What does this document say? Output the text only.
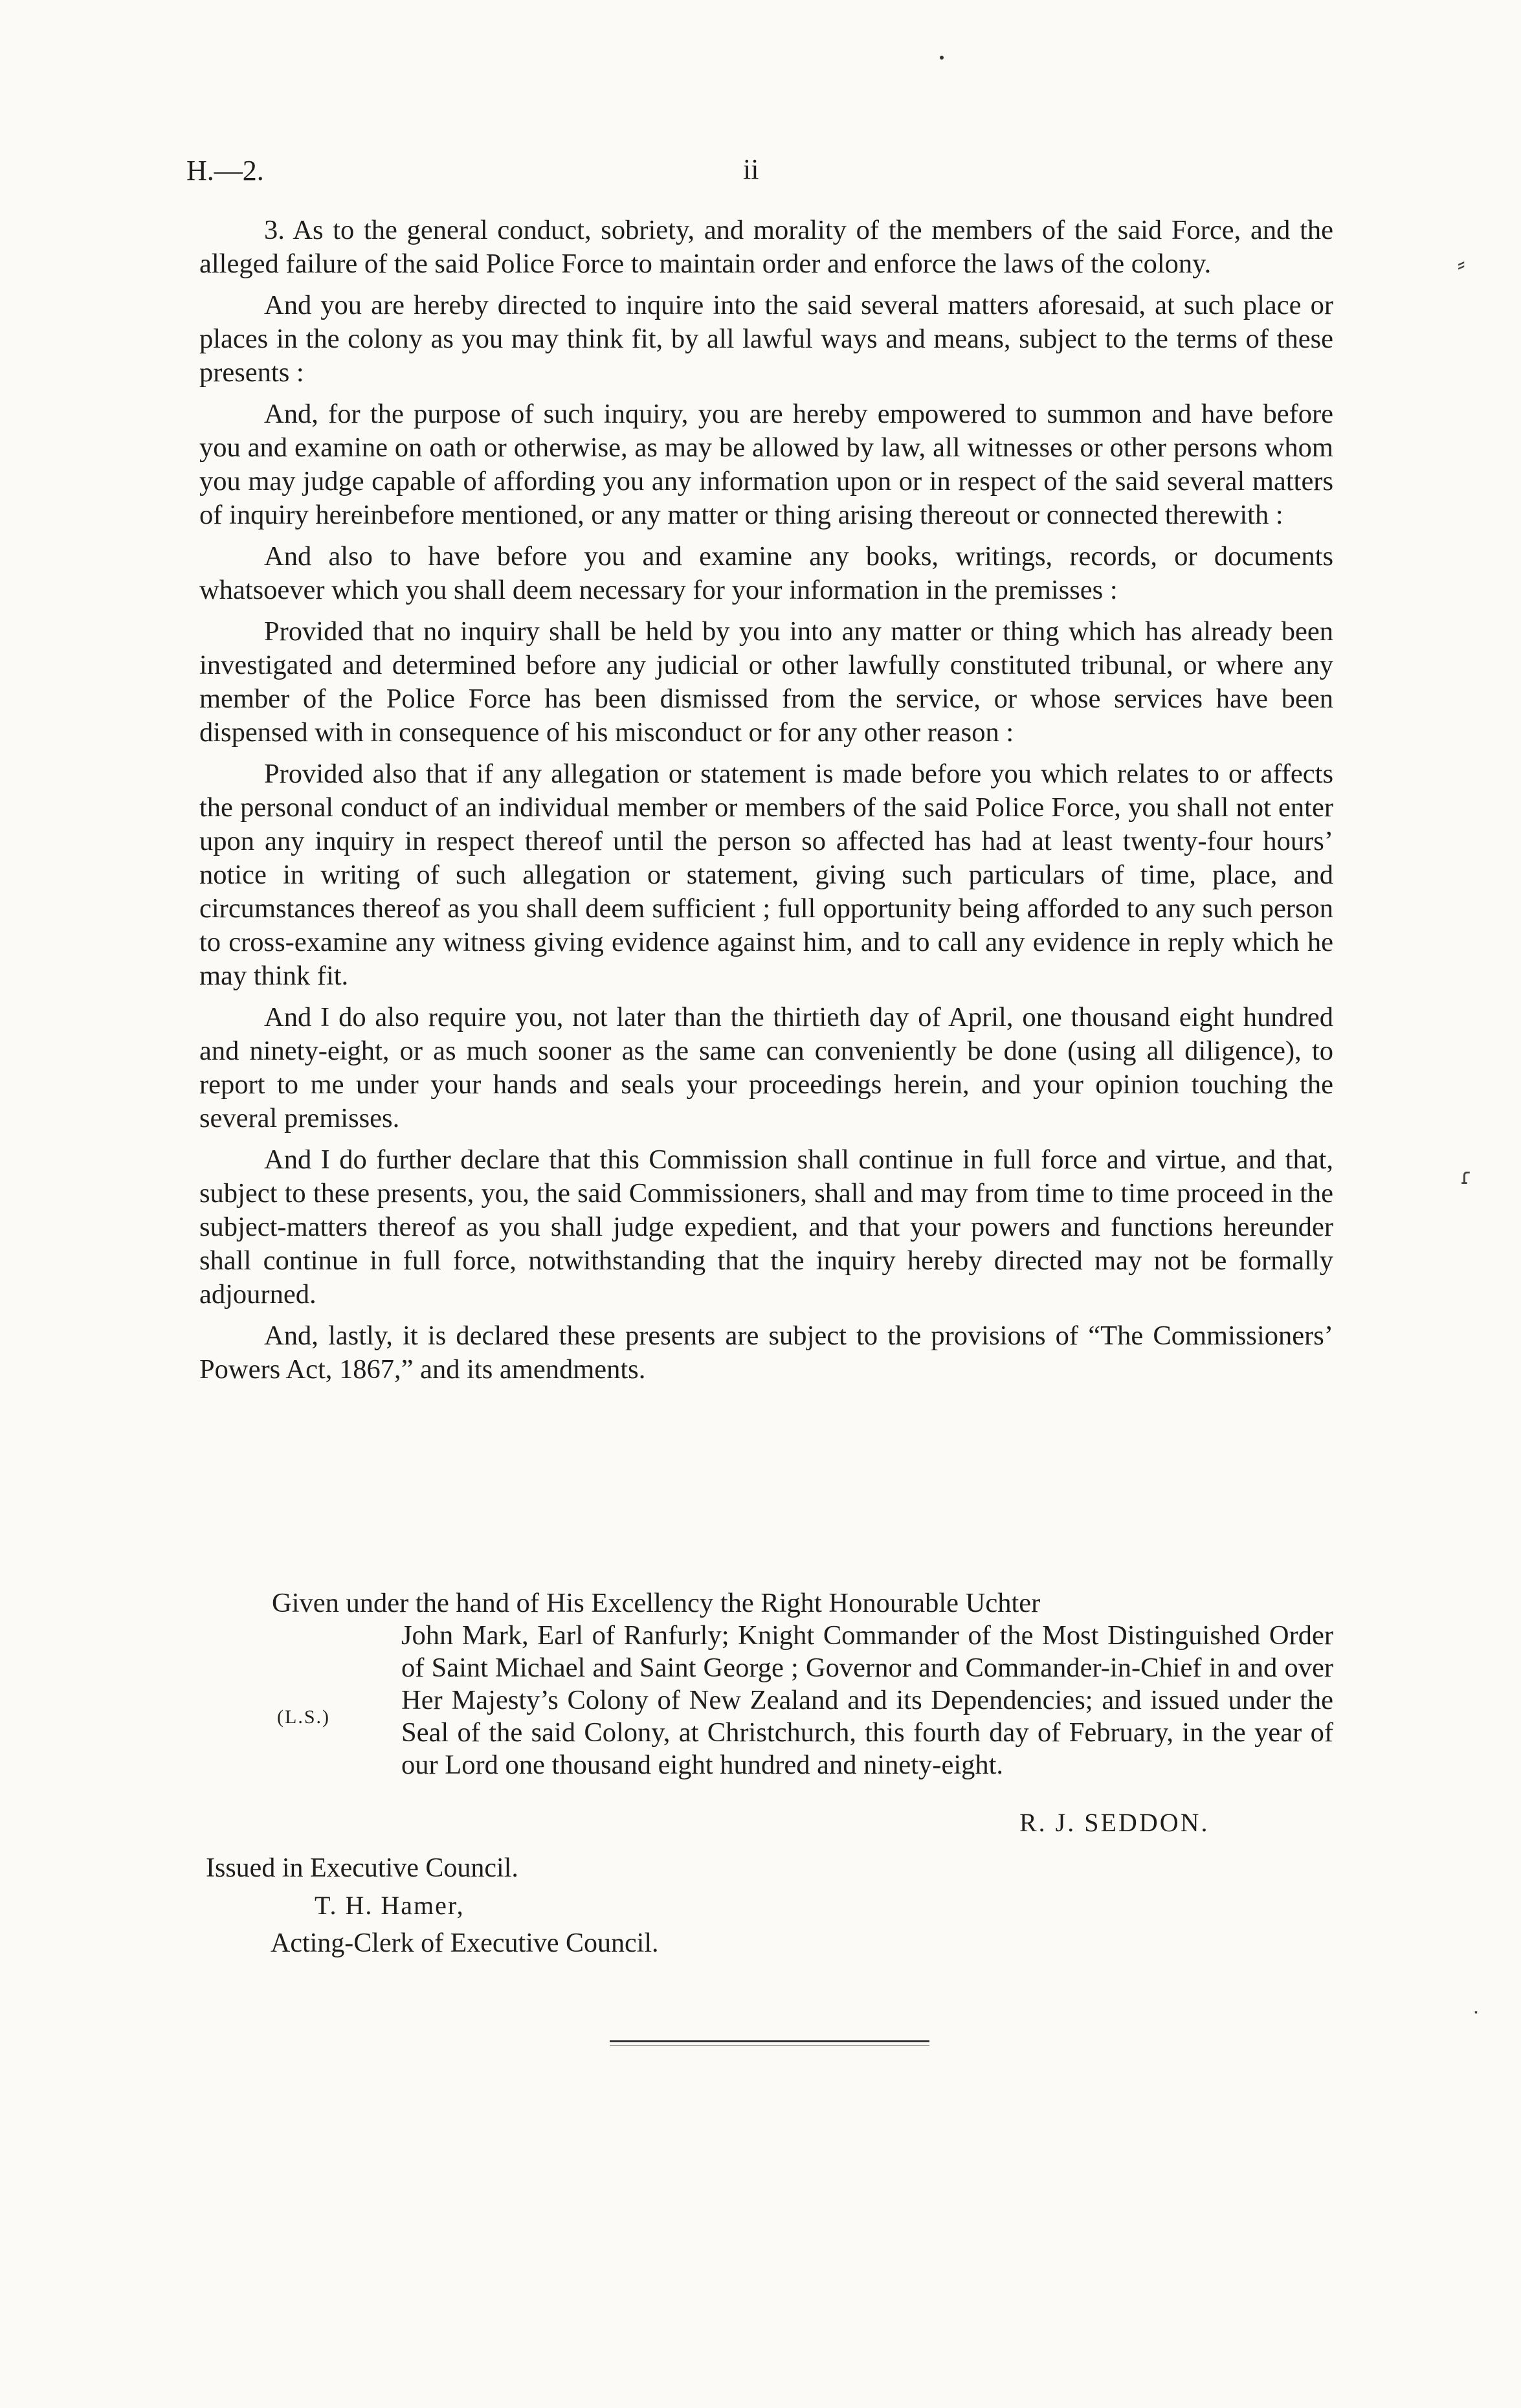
⸗
ɾ
˙
H.—2.	ii

3. As to the general conduct, sobriety, and morality of the members of the said Force, and the alleged failure of the said Police Force to maintain order and enforce the laws of the colony.

And you are hereby directed to inquire into the said several matters aforesaid, at such place or places in the colony as you may think fit, by all lawful ways and means, subject to the terms of these presents :

And, for the purpose of such inquiry, you are hereby empowered to summon and have before you and examine on oath or otherwise, as may be allowed by law, all witnesses or other persons whom you may judge capable of affording you any information upon or in respect of the said several matters of inquiry hereinbefore mentioned, or any matter or thing arising thereout or connected therewith :

And also to have before you and examine any books, writings, records, or documents whatsoever which you shall deem necessary for your information in the premisses :

Provided that no inquiry shall be held by you into any matter or thing which has already been investigated and determined before any judicial or other lawfully constituted tribunal, or where any member of the Police Force has been dismissed from the service, or whose services have been dispensed with in consequence of his misconduct or for any other reason :

Provided also that if any allegation or statement is made before you which relates to or affects the personal conduct of an individual member or members of the said Police Force, you shall not enter upon any inquiry in respect thereof until the person so affected has had at least twenty-four hours’ notice in writing of such allegation or statement, giving such particulars of time, place, and circumstances thereof as you shall deem sufficient ; full opportunity being afforded to any such person to cross-examine any witness giving evidence against him, and to call any evidence in reply which he may think fit.

And I do also require you, not later than the thirtieth day of April, one thousand eight hundred and ninety-eight, or as much sooner as the same can conveniently be done (using all diligence), to report to me under your hands and seals your proceedings herein, and your opinion touching the several premisses.

And I do further declare that this Commission shall continue in full force and virtue, and that, subject to these presents, you, the said Commissioners, shall and may from time to time proceed in the subject-matters thereof as you shall judge expedient, and that your powers and functions hereunder shall continue in full force, notwithstanding that the inquiry hereby directed may not be formally adjourned.

And, lastly, it is declared these presents are subject to the provisions of “The Commissioners’ Powers Act, 1867,” and its amendments.

Given under the hand of His Excellency the Right Honourable Uchter

John Mark, Earl of Ranfurly; Knight Commander of the Most Distinguished Order of Saint Michael and Saint George ; Governor and Commander-in-Chief in and over Her Majesty’s Colony of New Zealand and its Dependencies; and issued under the Seal of the said Colony, at Christchurch, this fourth day of February, in the year of our Lord one thousand eight hundred and ninety-eight.

(L.S.)
R. J. SEDDON.
Issued in Executive Council.
T. H. Hamer,
Acting-Clerk of Executive Council.
